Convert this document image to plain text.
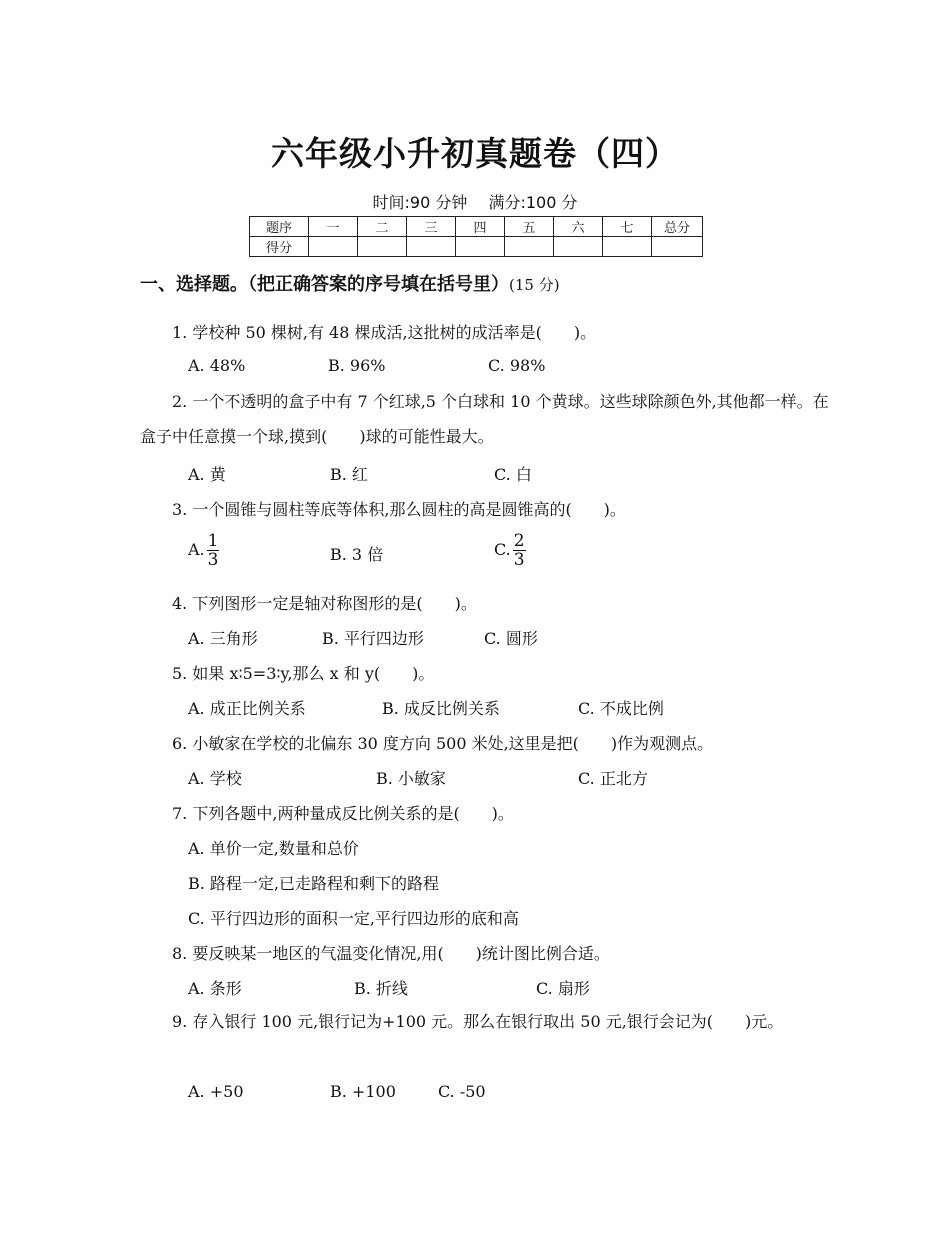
六年级小升初真题卷（四）
时间:90 分钟 满分:100 分
题序	一	二	三	四	五	六	七	总分
得分								
一、选择题。（把正确答案的序号填在括号里）(15 分)
1. 学校种 50 棵树,有 48 棵成活,这批树的成活率是(　　)。
A. 48%	B. 96%	C. 98%
2. 一个不透明的盒子中有 7 个红球,5 个白球和 10 个黄球。这些球除颜色外,其他都一样。在盒子中任意摸一个球,摸到(　　)球的可能性最大。
A. 黄	B. 红	C. 白
3. 一个圆锥与圆柱等底等体积,那么圆柱的高是圆锥高的(　　)。
A. $\frac{1}{3}$	B. 3 倍	C. $\frac{2}{3}$
4. 下列图形一定是轴对称图形的是(　　)。
A. 三角形	B. 平行四边形	C. 圆形
5. 如果 x∶5=3∶y,那么 x 和 y(　　)。
A. 成正比例关系	B. 成反比例关系	C. 不成比例
6. 小敏家在学校的北偏东 30 度方向 500 米处,这里是把(　　)作为观测点。
A. 学校	B. 小敏家	C. 正北方
7. 下列各题中,两种量成反比例关系的是(　　)。
A. 单价一定,数量和总价
B. 路程一定,已走路程和剩下的路程
C. 平行四边形的面积一定,平行四边形的底和高
8. 要反映某一地区的气温变化情况,用(　　)统计图比例合适。
A. 条形	B. 折线	C. 扇形
9. 存入银行 100 元,银行记为+100 元。那么在银行取出 50 元,银行会记为(　　)元。
A. +50	B. +100	C. -50
